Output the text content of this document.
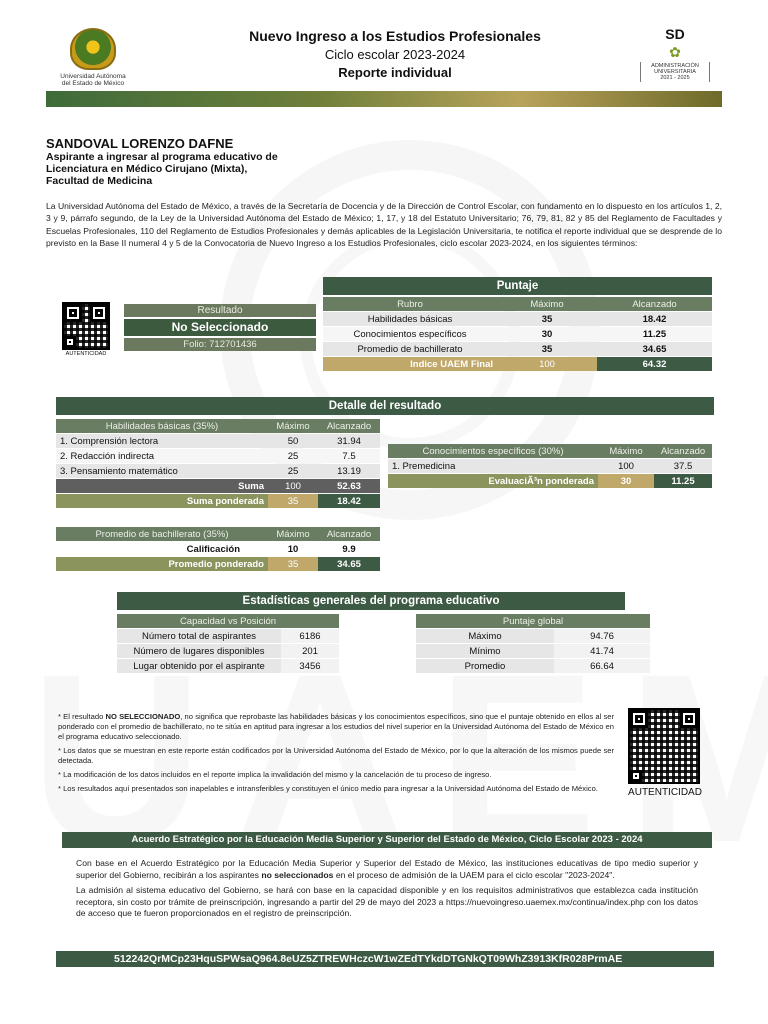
Universidad Autónoma
del Estado de México
Nuevo Ingreso a los Estudios Profesionales
Ciclo escolar 2023-2024
Reporte individual
SD
✿
ADMINISTRACIÓN
UNIVERSITARIA
2021 - 2025
SANDOVAL LORENZO DAFNE
Aspirante a ingresar al programa educativo de
Licenciatura en Médico Cirujano (Mixta),
Facultad de Medicina
La Universidad Autónoma del Estado de México, a través de la Secretaría de Docencia y de la Dirección de Control Escolar, con fundamento en lo dispuesto en los artículos 1, 2, 3 y 9, párrafo segundo, de la Ley de la Universidad Autónoma del Estado de México; 1, 17, y 18 del Estatuto Universitario; 76, 79, 81, 82 y 85 del Reglamento de Facultades y Escuelas Profesionales, 110 del Reglamento de Estudios Profesionales y demás aplicables de la Legislación Universitaria, te notifica el reporte individual que se desprende de lo previsto en la Base II numeral 4 y 5 de la Convocatoria de Nuevo Ingreso a los Estudios Profesionales, ciclo escolar 2023-2024, en los siguientes términos:
AUTENTICIDAD
Resultado
No Seleccionado
Folio: 712701436
Puntaje
Rubro	Máximo	Alcanzado
Habilidades básicas	35	18.42
Conocimientos específicos	30	11.25
Promedio de bachillerato	35	34.65
Indice UAEM Final	100	64.32
Detalle del resultado
Habilidades básicas (35%)	Máximo	Alcanzado
1. Comprensión lectora	50	31.94
2. Redacción indirecta	25	7.5
3. Pensamiento matemático	25	13.19
Suma	100	52.63
Suma ponderada	35	18.42
Conocimientos específicos (30%)	Máximo	Alcanzado
1. Premedicina	100	37.5
EvaluaciÃ³n ponderada	30	11.25
Promedio de bachillerato (35%)	Máximo	Alcanzado
Calificación	10	9.9
Promedio ponderado	35	34.65
Estadísticas generales del programa educativo
Capacidad vs Posición	
Número total de aspirantes	6186
Número de lugares disponibles	201
Lugar obtenido por el aspirante	3456
Puntaje global	
Máximo	94.76
Mínimo	41.74
Promedio	66.64

* El resultado NO SELECCIONADO, no significa que reprobaste las habilidades básicas y los conocimientos específicos, sino que el puntaje obtenido en ellos al ser ponderado con el promedio de bachillerato, no te sitúa en aptitud para ingresar a los estudios del nivel superior en la Universidad Autónoma del Estado de México en el programa educativo seleccionado.

* Los datos que se muestran en este reporte están codificados por la Universidad Autónoma del Estado de México, por lo que la alteración de los mismos puede ser detectada.

* La modificación de los datos incluidos en el reporte implica la invalidación del mismo y la cancelación de tu proceso de ingreso.

* Los resultados aquí presentados son inapelables e intransferibles y constituyen el único medio para ingresar a la Universidad Autónoma del Estado de México.	AUTENTICIDAD
Acuerdo Estratégico por la Educación Media Superior y Superior del Estado de México, Ciclo Escolar 2023 - 2024

Con base en el Acuerdo Estratégico por la Educación Media Superior y Superior del Estado de México, las instituciones educativas de tipo medio superior y superior del Gobierno, recibirán a los aspirantes no seleccionados en el proceso de admisión de la UAEM para el ciclo escolar "2023-2024".

La admisión al sistema educativo del Gobierno, se hará con base en la capacidad disponible y en los requisitos administrativos que establezca cada institución receptora, sin costo por trámite de preinscripción, ingresando a partir del 29 de mayo del 2023 a https://nuevoingreso.uaemex.mx/continua/index.php con los datos de acceso que te fueron proporcionados en el registro de preinscripción.

512242QrMCp23HquSPWsaQ964.8eUZ5ZTREWHczcW1wZEdTYkdDTGNkQT09WhZ3913KfR028PrmAE
